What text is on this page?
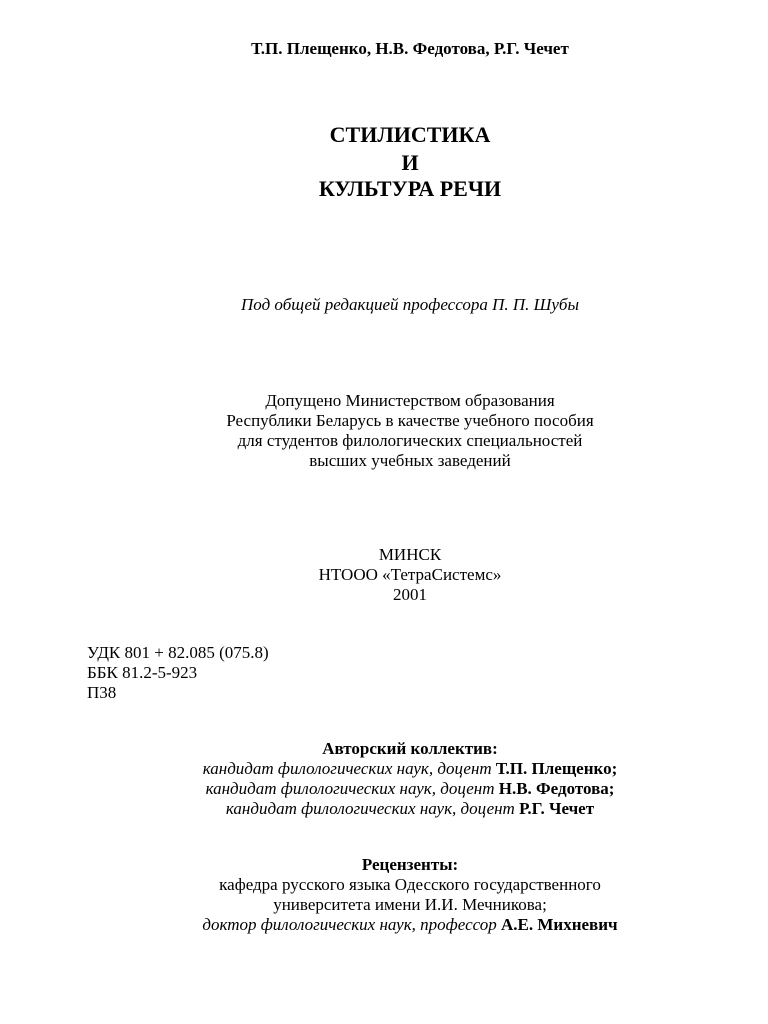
Т.П. Плещенко, Н.В. Федотова, Р.Г. Чечет
СТИЛИСТИКА
И
КУЛЬТУРА РЕЧИ
Под общей редакцией профессора П. П. Шубы
Допущено Министерством образования
Республики Беларусь в качестве учебного пособия
для студентов филологических специальностей
высших учебных заведений
МИНСК
НТООО «ТетраСистемс»
2001
УДК 801 + 82.085 (075.8)
ББК 81.2-5-923
П38
Авторский коллектив:
кандидат филологических наук, доцент Т.П. Плещенко;
кандидат филологических наук, доцент Н.В. Федотова;
кандидат филологических наук, доцент Р.Г. Чечет
Рецензенты:
кафедра русского языка Одесского государственного
университета имени И.И. Мечникова;
доктор филологических наук, профессор А.Е. Михневич
